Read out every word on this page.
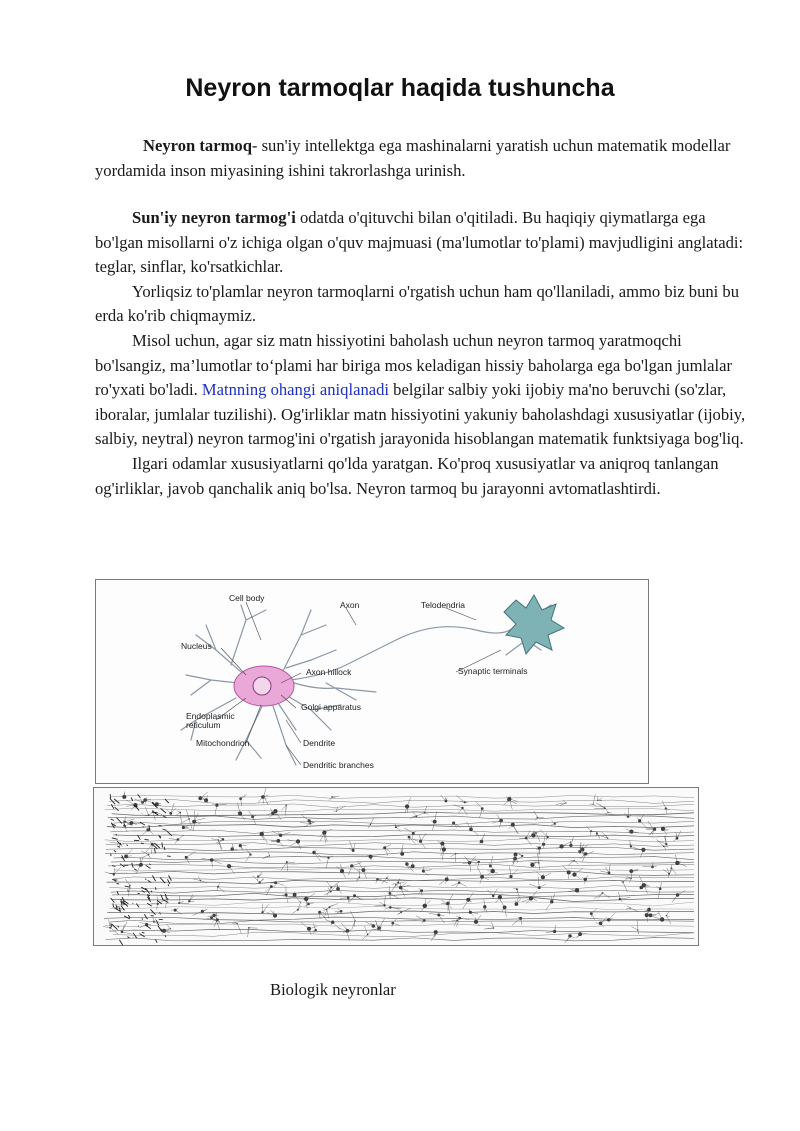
Neyron tarmoqlar haqida tushuncha

Neyron tarmoq- sun'iy intellektga ega mashinalarni yaratish uchun matematik modellar yordamida inson miyasining ishini takrorlashga urinish.

Sun'iy neyron tarmog'i odatda o'qituvchi bilan o'qitiladi. Bu haqiqiy qiymatlarga ega bo'lgan misollarni o'z ichiga olgan o'quv majmuasi (ma'lumotlar to'plami) mavjudligini anglatadi: teglar, sinflar, ko'rsatkichlar.
Yorliqsiz to'plamlar neyron tarmoqlarni o'rgatish uchun ham qo'llaniladi, ammo biz buni bu erda ko'rib chiqmaymiz.
Misol uchun, agar siz matn hissiyotini baholash uchun neyron tarmoq yaratmoqchi bo'lsangiz, ma’lumotlar to‘plami har biriga mos keladigan hissiy baholarga ega bo'lgan jumlalar ro'yxati bo'ladi. Matnning ohangi aniqlanadi belgilar salbiy yoki ijobiy ma'no beruvchi (so'zlar, iboralar, jumlalar tuzilishi). Og'irliklar matn hissiyotini yakuniy baholashdagi xususiyatlar (ijobiy, salbiy, neytral) neyron tarmog'ini o'rgatish jarayonida hisoblangan matematik funktsiyaga bog'liq.
Ilgari odamlar xususiyatlarni qo'lda yaratgan. Ko'proq xususiyatlar va aniqroq tanlangan og'irliklar, javob qanchalik aniq bo'lsa. Neyron tarmoq bu jarayonni avtomatlashtirdi.
Cell body
Axon	Telodendria
Nucleus
Axon hillock	Synaptic terminals
Golgi apparatus
Endoplasmic
reticulum
Mitochondrion	Dendrite
Dendritic branches
Biologik neyronlar
